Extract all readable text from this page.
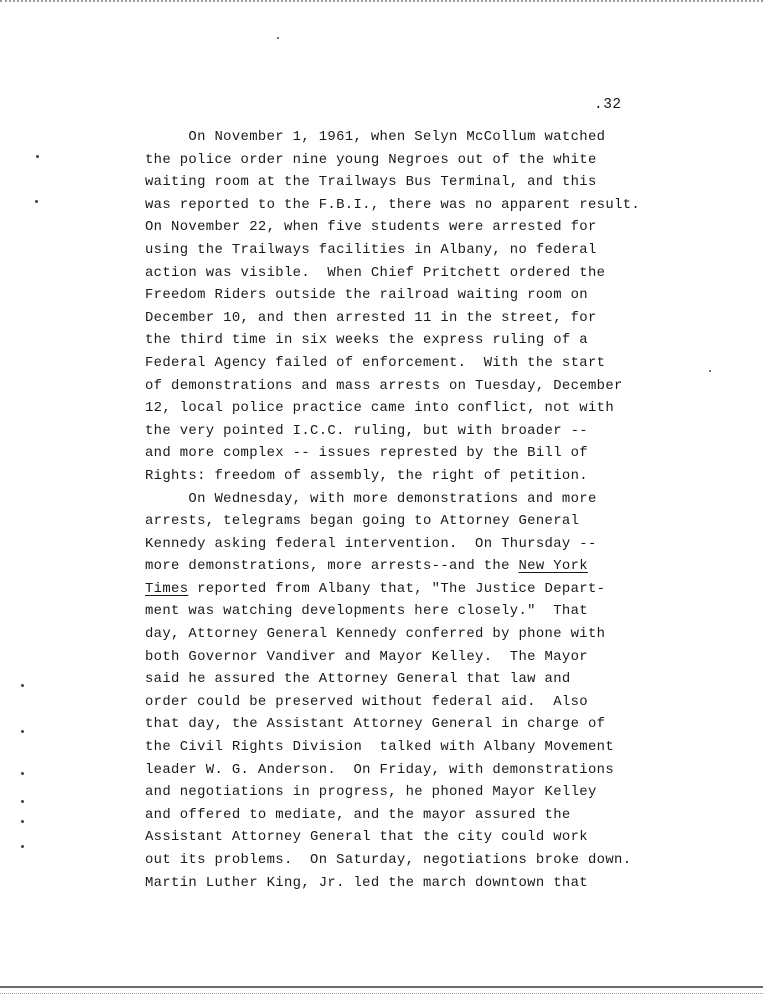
.32
On November 1, 1961, when Selyn McCollum watched
the police order nine young Negroes out of the white
waiting room at the Trailways Bus Terminal, and this
was reported to the F.B.I., there was no apparent result.
On November 22, when five students were arrested for
using the Trailways facilities in Albany, no federal
action was visible.  When Chief Pritchett ordered the
Freedom Riders outside the railroad waiting room on
December 10, and then arrested 11 in the street, for
the third time in six weeks the express ruling of a
Federal Agency failed of enforcement.  With the start
of demonstrations and mass arrests on Tuesday, December
12, local police practice came into conflict, not with
the very pointed I.C.C. ruling, but with broader --
and more complex -- issues represted by the Bill of
Rights: freedom of assembly, the right of petition.
On Wednesday, with more demonstrations and more
arrests, telegrams began going to Attorney General
Kennedy asking federal intervention.  On Thursday --
more demonstrations, more arrests--and the New York
Times reported from Albany that, "The Justice Depart-
ment was watching developments here closely."  That
day, Attorney General Kennedy conferred by phone with
both Governor Vandiver and Mayor Kelley.  The Mayor
said he assured the Attorney General that law and
order could be preserved without federal aid.  Also
that day, the Assistant Attorney General in charge of
the Civil Rights Division  talked with Albany Movement
leader W. G. Anderson.  On Friday, with demonstrations
and negotiations in progress, he phoned Mayor Kelley
and offered to mediate, and the mayor assured the
Assistant Attorney General that the city could work
out its problems.  On Saturday, negotiations broke down.
Martin Luther King, Jr. led the march downtown that
